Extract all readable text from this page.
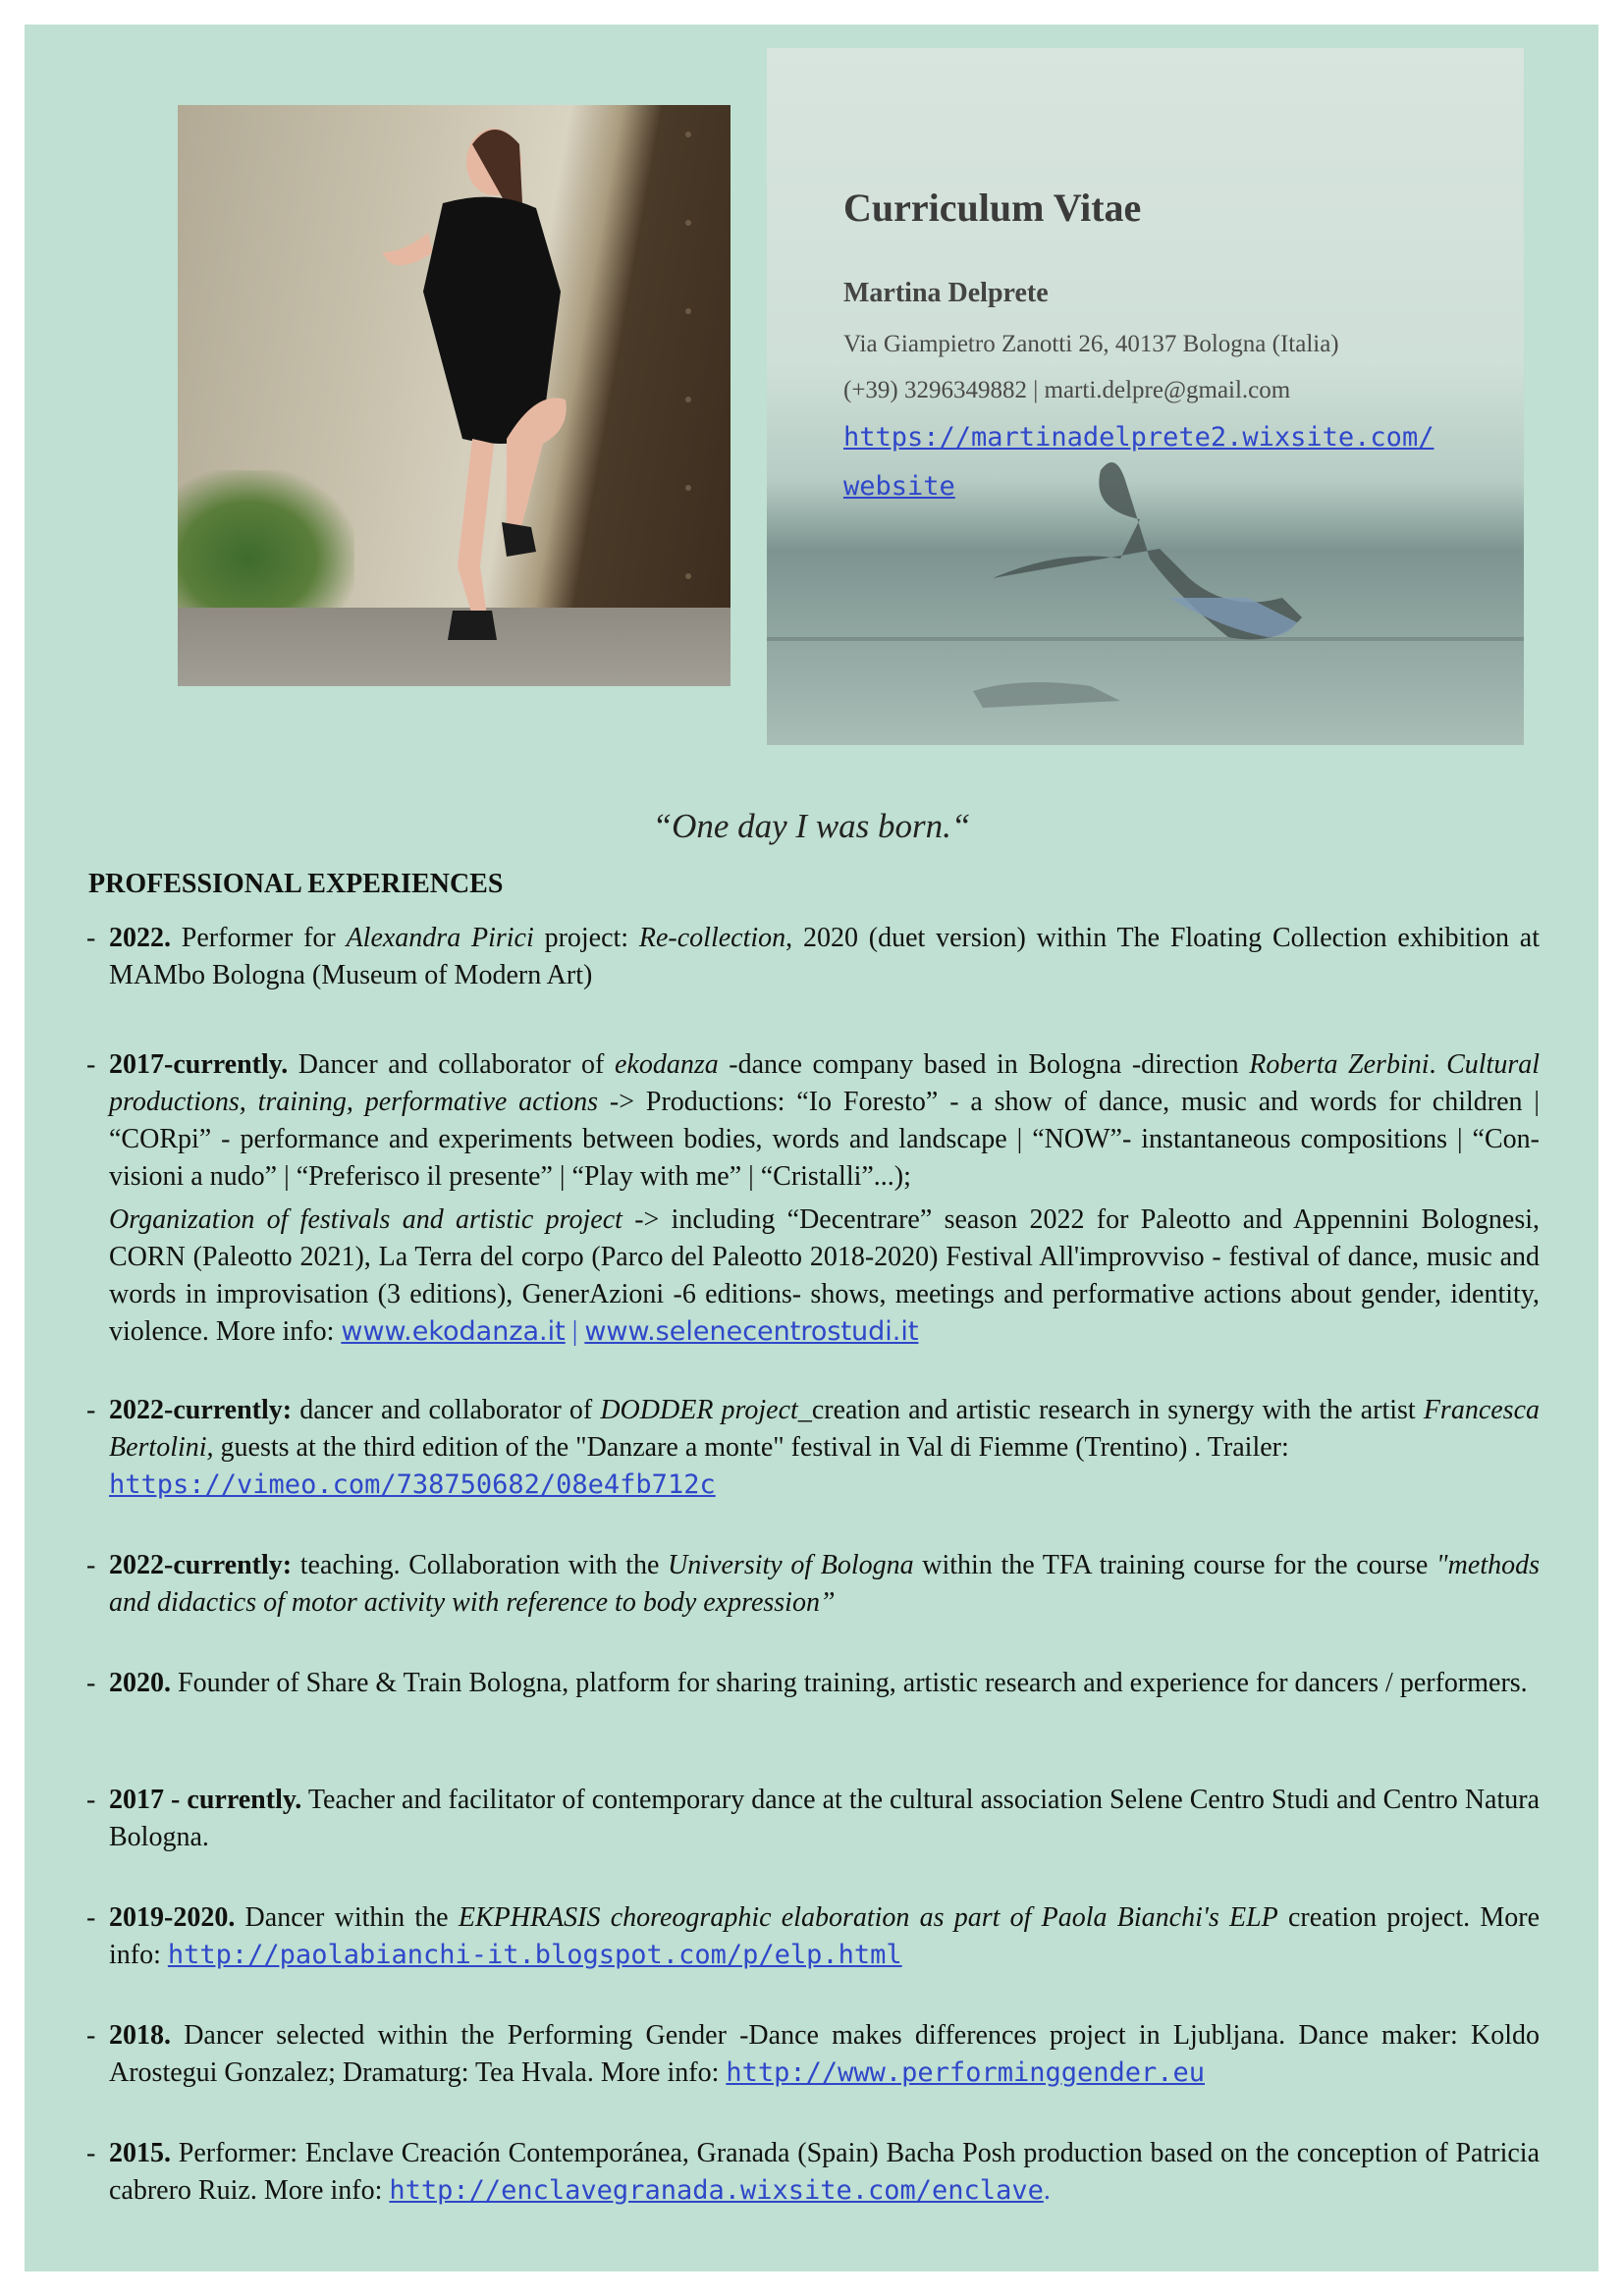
Curriculum Vitae
Martina Delprete
Via Giampietro Zanotti 26, 40137 Bologna (Italia)
(+39) 3296349882 | marti.delpre@gmail.com
https://martinadelprete2.wixsite.com/
website
“One day I was born.“
PROFESSIONAL EXPERIENCES
- 2022. Performer for Alexandra Pirici project: Re-collection, 2020 (duet version) within The Floating Collection exhibition at MAMbo Bologna (Museum of Modern Art)
- 2017-currently. Dancer and collaborator of ekodanza -dance company based in Bologna -direction Roberta Zerbini. Cultural productions, training, performative actions -> Productions: “Io Foresto” - a show of dance, music and words for children | “CORpi” - performance and experiments between bodies, words and landscape | “NOW”- instantaneous compositions | “Con-visioni a nudo” | “Preferisco il presente” | “Play with me” | “Cristalli”...);
Organization of festivals and artistic project -> including “Decentrare” season 2022 for Paleotto and Appennini Bolognesi, CORN (Paleotto 2021), La Terra del corpo (Parco del Paleotto 2018-2020) Festival All'improvviso - festival of dance, music and words in improvisation (3 editions), GenerAzioni -6 editions- shows, meetings and performative actions about gender, identity, violence. More info: www.ekodanza.it | www.selenecentrostudi.it
- 2022-currently: dancer and collaborator of DODDER project_creation and artistic research in synergy with the artist Francesca Bertolini, guests at the third edition of the "Danzare a monte" festival in Val di Fiemme (Trentino) . Trailer:
https://vimeo.com/738750682/08e4fb712c
- 2022-currently: teaching. Collaboration with the University of Bologna within the TFA training course for the course "methods and didactics of motor activity with reference to body expression”
- 2020. Founder of Share & Train Bologna, platform for sharing training, artistic research and experience for dancers / performers.
- 2017 - currently. Teacher and facilitator of contemporary dance at the cultural association Selene Centro Studi and Centro Natura Bologna.
- 2019-2020. Dancer within the EKPHRASIS choreographic elaboration as part of Paola Bianchi's ELP creation project. More info: http://paolabianchi-it.blogspot.com/p/elp.html
- 2018. Dancer selected within the Performing Gender -Dance makes differences project in Ljubljana. Dance maker: Koldo Arostegui Gonzalez; Dramaturg: Tea Hvala. More info: http://www.performinggender.eu
- 2015. Performer: Enclave Creación Contemporánea, Granada (Spain) Bacha Posh production based on the conception of Patricia cabrero Ruiz. More info: http://enclavegranada.wixsite.com/enclave.
